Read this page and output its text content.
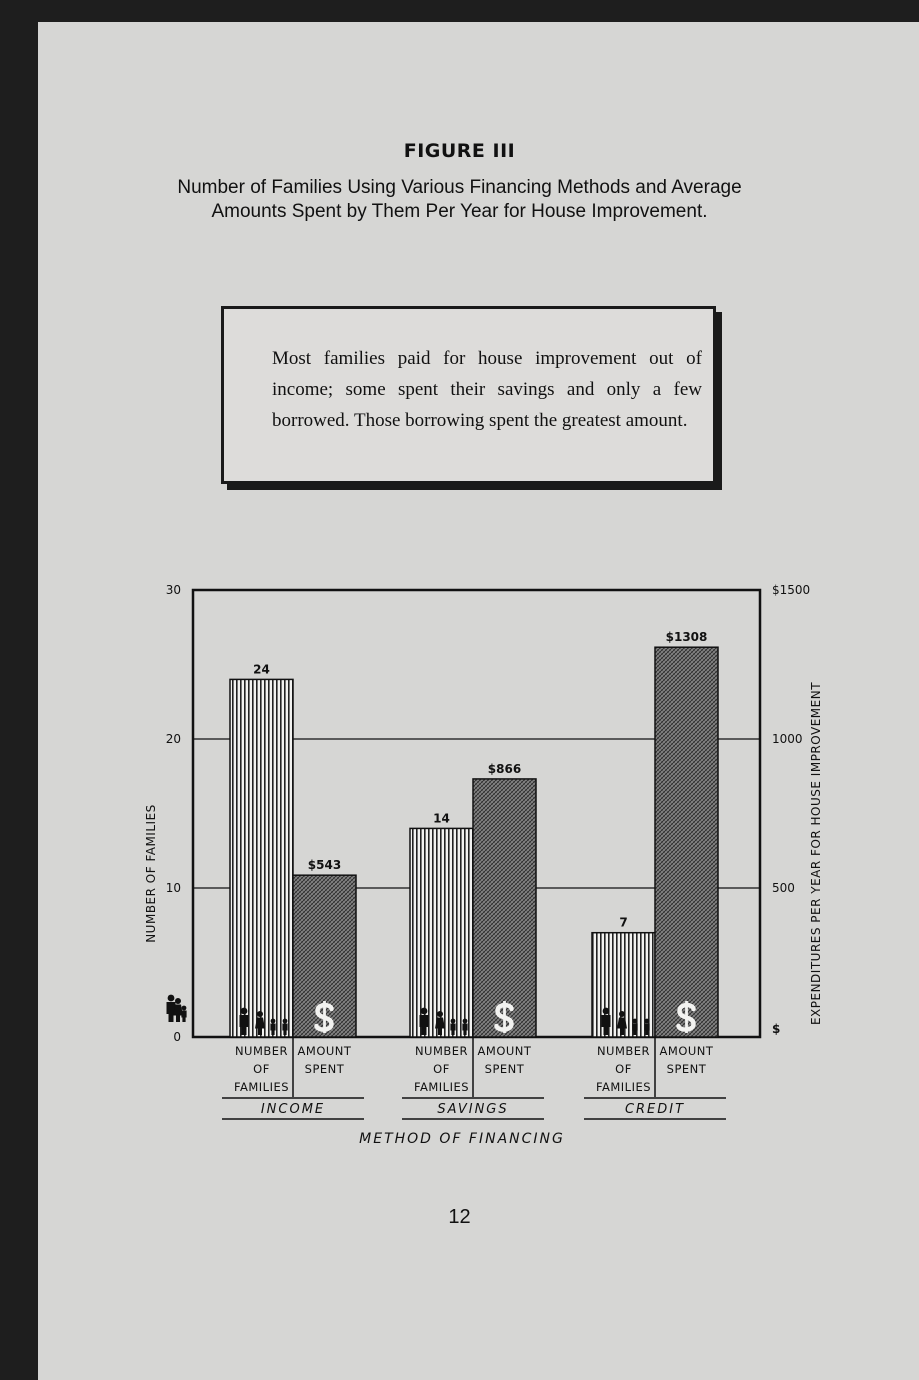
FIGURE III
Number of Families Using Various Financing Methods and Average
Amounts Spent by Them Per Year for House Improvement.
Most families paid for house improvement out of income; some spent their savings and only a few borrowed. Those borrowing spent the greatest amount.
0
10
20
30
500
1000
$1500
$
NUMBER OF FAMILIES	EXPENDITURES PER YEAR FOR HOUSE IMPROVEMENT
24
$543
NUMBER
OF
FAMILIES
AMOUNT
SPENT
INCOME
14
$866
NUMBER
OF
FAMILIES
AMOUNT
SPENT
SAVINGS
7
$1308
NUMBER
OF
FAMILIES
AMOUNT
SPENT
CREDIT
METHOD OF FINANCING
12
